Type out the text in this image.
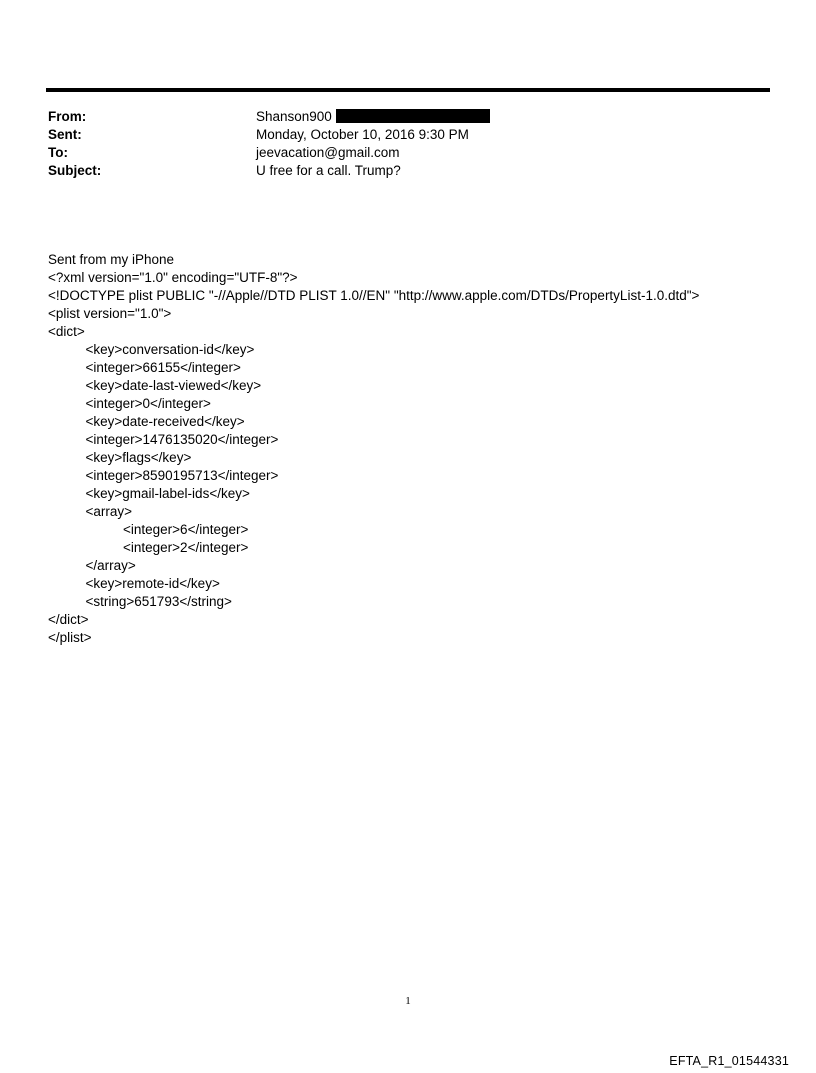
From:	Shanson900
Sent:	Monday, October 10, 2016 9:30 PM
To:	jeevacation@gmail.com
Subject:	U free for a call. Trump?
Sent from my iPhone
<?xml version="1.0" encoding="UTF-8"?>
<!DOCTYPE plist PUBLIC "-//Apple//DTD PLIST 1.0//EN" "http://www.apple.com/DTDs/PropertyList-1.0.dtd">
<plist version="1.0">
<dict>
<key>conversation-id</key>
<integer>66155</integer>
<key>date-last-viewed</key>
<integer>0</integer>
<key>date-received</key>
<integer>1476135020</integer>
<key>flags</key>
<integer>8590195713</integer>
<key>gmail-label-ids</key>
<array>
<integer>6</integer>
<integer>2</integer>
</array>
<key>remote-id</key>
<string>651793</string>
</dict>
</plist>
1
EFTA_R1_01544331
